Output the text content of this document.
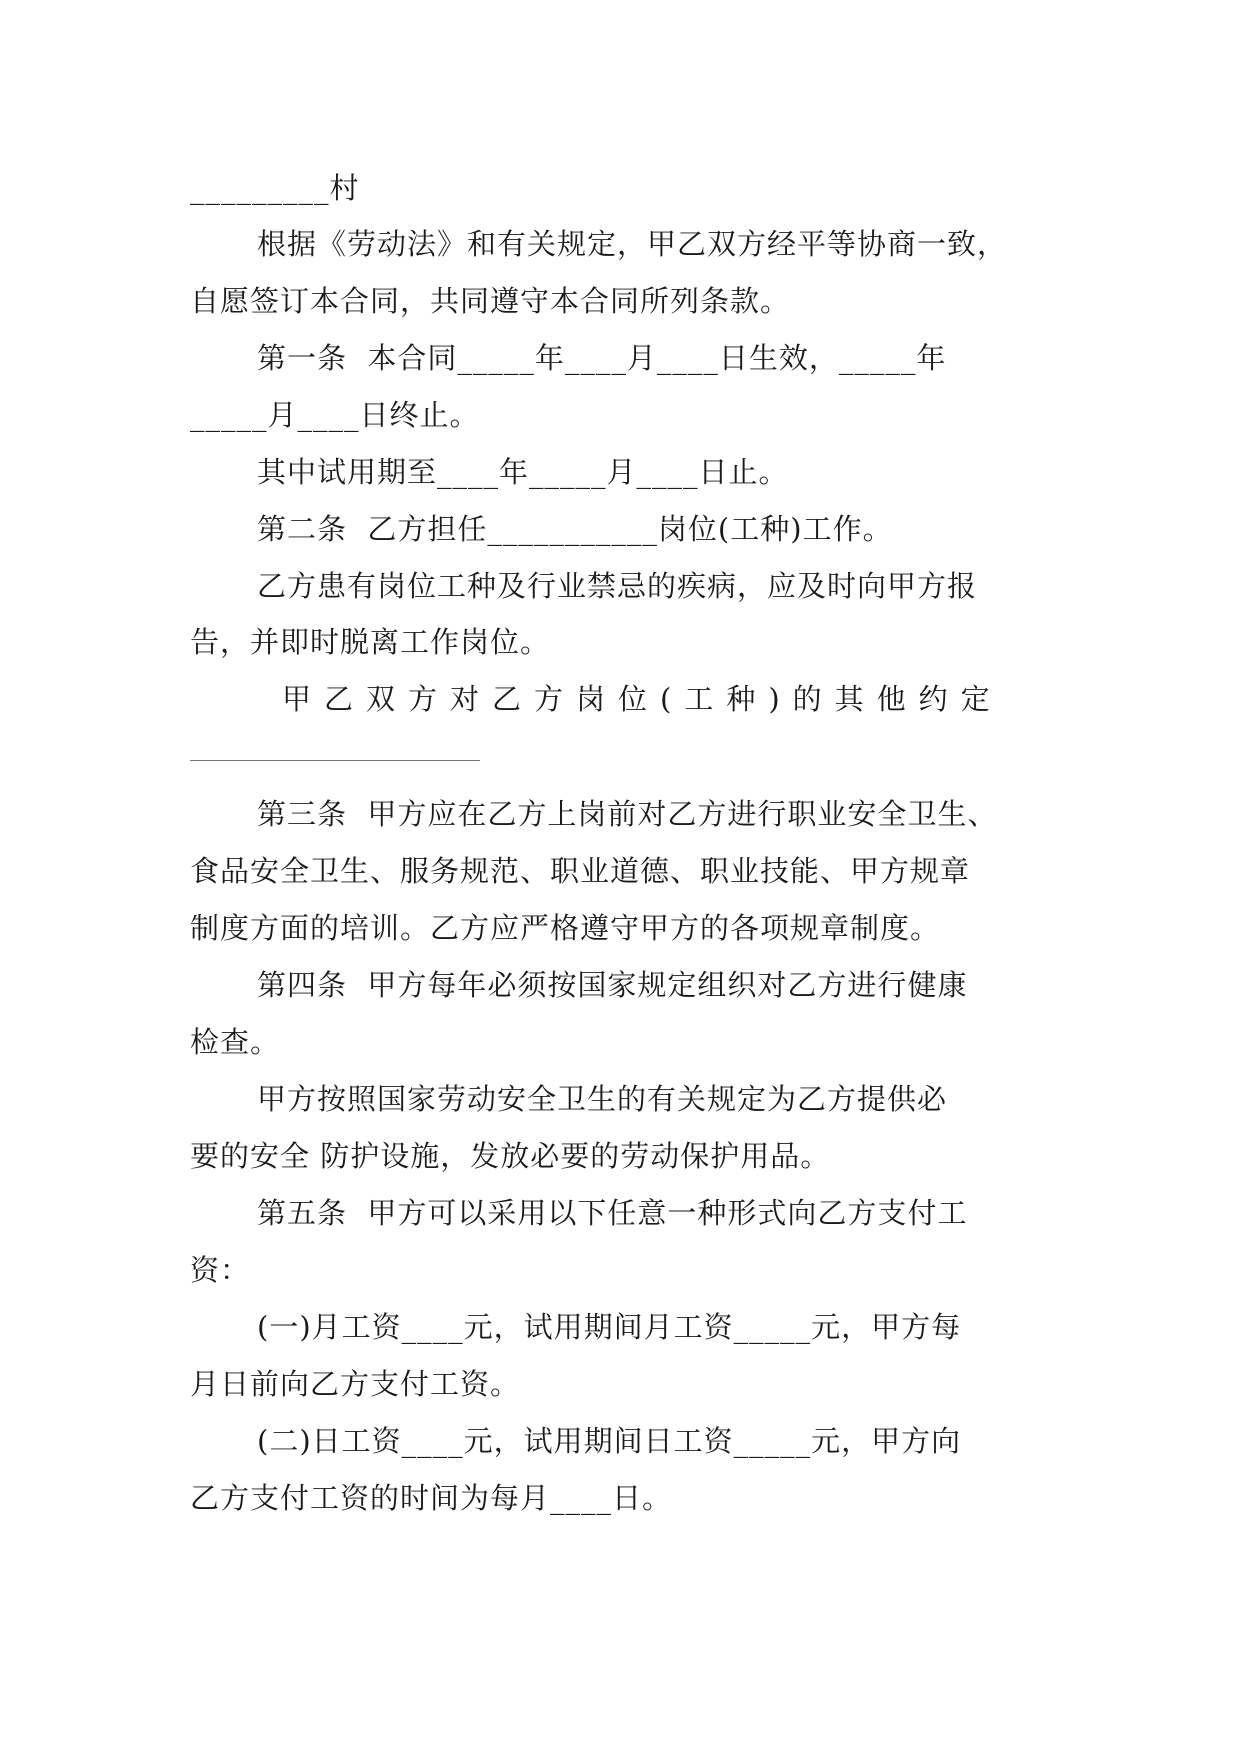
_________村
根据《劳动法》和有关规定，甲乙双方经平等协商一致，
自愿签订本合同，共同遵守本合同所列条款。
第一条  本合同_____年____月____日生效，_____年
_____月____日终止。
其中试用期至____年_____月____日止。
第二条  乙方担任___________岗位(工种)工作。
乙方患有岗位工种及行业禁忌的疾病，应及时向甲方报
告，并即时脱离工作岗位。
甲乙双方对乙方岗位(工种)的其他约定
第三条  甲方应在乙方上岗前对乙方进行职业安全卫生、
食品安全卫生、服务规范、职业道德、职业技能、甲方规章
制度方面的培训。乙方应严格遵守甲方的各项规章制度。
第四条  甲方每年必须按国家规定组织对乙方进行健康
检查。
甲方按照国家劳动安全卫生的有关规定为乙方提供必
要的安全 防护设施，发放必要的劳动保护用品。
第五条  甲方可以采用以下任意一种形式向乙方支付工
资：
(一)月工资____元，试用期间月工资_____元，甲方每
月日前向乙方支付工资。
(二)日工资____元，试用期间日工资_____元，甲方向
乙方支付工资的时间为每月____日。
